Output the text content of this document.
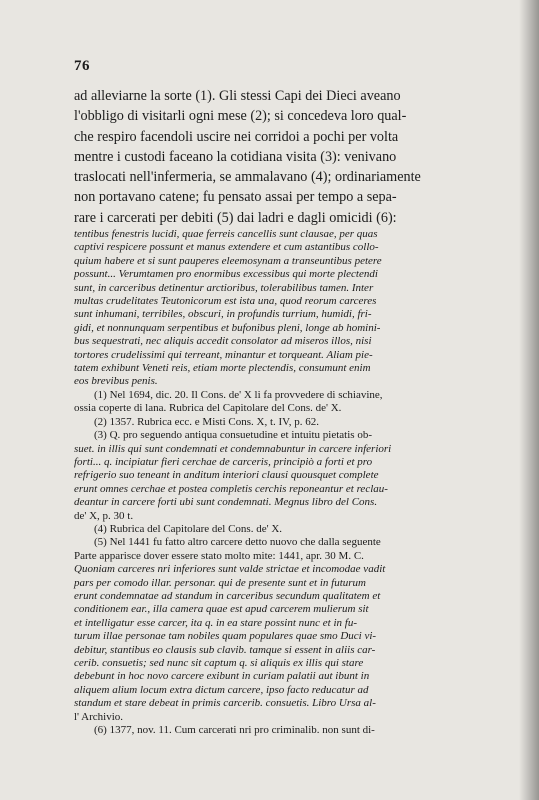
76
ad alleviarne la sorte (1). Gli stessi Capi dei Dieci aveano
l'obbligo di visitarli ogni mese (2); si concedeva loro qual-
che respiro facendoli uscire nei corridoi a pochi per volta
mentre i custodi faceano la cotidiana visita (3): venivano
traslocati nell'infermeria, se ammalavano (4); ordinariamente
non portavano catene; fu pensato assai per tempo a sepa-
rare i carcerati per debiti (5) dai ladri e dagli omicidi (6):
tentibus fenestris lucidi, quae ferreis cancellis sunt clausae, per quas
captivi respicere possunt et manus extendere et cum astantibus collo-
quium habere et si sunt pauperes eleemosynam a transeuntibus petere
possunt... Verumtamen pro enormibus excessibus qui morte plectendi
sunt, in carceribus detinentur arctioribus, tolerabilibus tamen. Inter
multas crudelitates Teutonicorum est ista una, quod reorum carceres
sunt inhumani, terribiles, obscuri, in profundis turrium, humidi, fri-
gidi, et nonnunquam serpentibus et bufonibus pleni, longe ab homini-
bus sequestrati, nec aliquis accedit consolator ad miseros illos, nisi
tortores crudelissimi qui terreant, minantur et torqueant. Aliam pie-
tatem exhibunt Veneti reis, etiam morte plectendis, consumunt enim
eos brevibus penis.
(1) Nel 1694, dic. 20. Il Cons. de' X li fa provvedere di schiavine,
ossia coperte di lana. Rubrica del Capitolare del Cons. de' X.
(2) 1357. Rubrica ecc. e Misti Cons. X, t. IV, p. 62.
(3) Q. pro seguendo antiqua consuetudine et intuitu pietatis ob-
suet. in illis qui sunt condemnati et condemnabuntur in carcere inferiori
forti... q. incipiatur fieri cerchae de carceris, principiò a forti et pro
refrigerio suo teneant in anditum interiori clausi quousquet complete
erunt omnes cerchae et postea completis cerchis reponeantur et reclau-
deantur in carcere forti ubi sunt condemnati. Megnus libro del Cons.
de' X, p. 30 t.
(4) Rubrica del Capitolare del Cons. de' X.
(5) Nel 1441 fu fatto altro carcere detto nuovo che dalla seguente
Parte apparisce dover essere stato molto mite: 1441, apr. 30 M. C.
Quoniam carceres nri inferiores sunt valde strictae et incomodae vadit
pars per comodo illar. personar. qui de presente sunt et in futurum
erunt condemnatae ad standum in carceribus secundum qualitatem et
conditionem ear., illa camera quae est apud carcerem mulierum sit
et intelligatur esse carcer, ita q. in ea stare possint nunc et in fu-
turum illae personae tam nobiles quam populares quae smo Duci vi-
debitur, stantibus eo clausis sub clavib. tamque si essent in aliis car-
cerib. consuetis; sed nunc sit captum q. si aliquis ex illis qui stare
debebunt in hoc novo carcere exibunt in curiam palatii aut ibunt in
aliquem alium locum extra dictum carcere, ipso facto reducatur ad
standum et stare debeat in primis carcerib. consuetis. Libro Ursa al-
l' Archivio.
(6) 1377, nov. 11. Cum carcerati nri pro criminalib. non sunt di-
